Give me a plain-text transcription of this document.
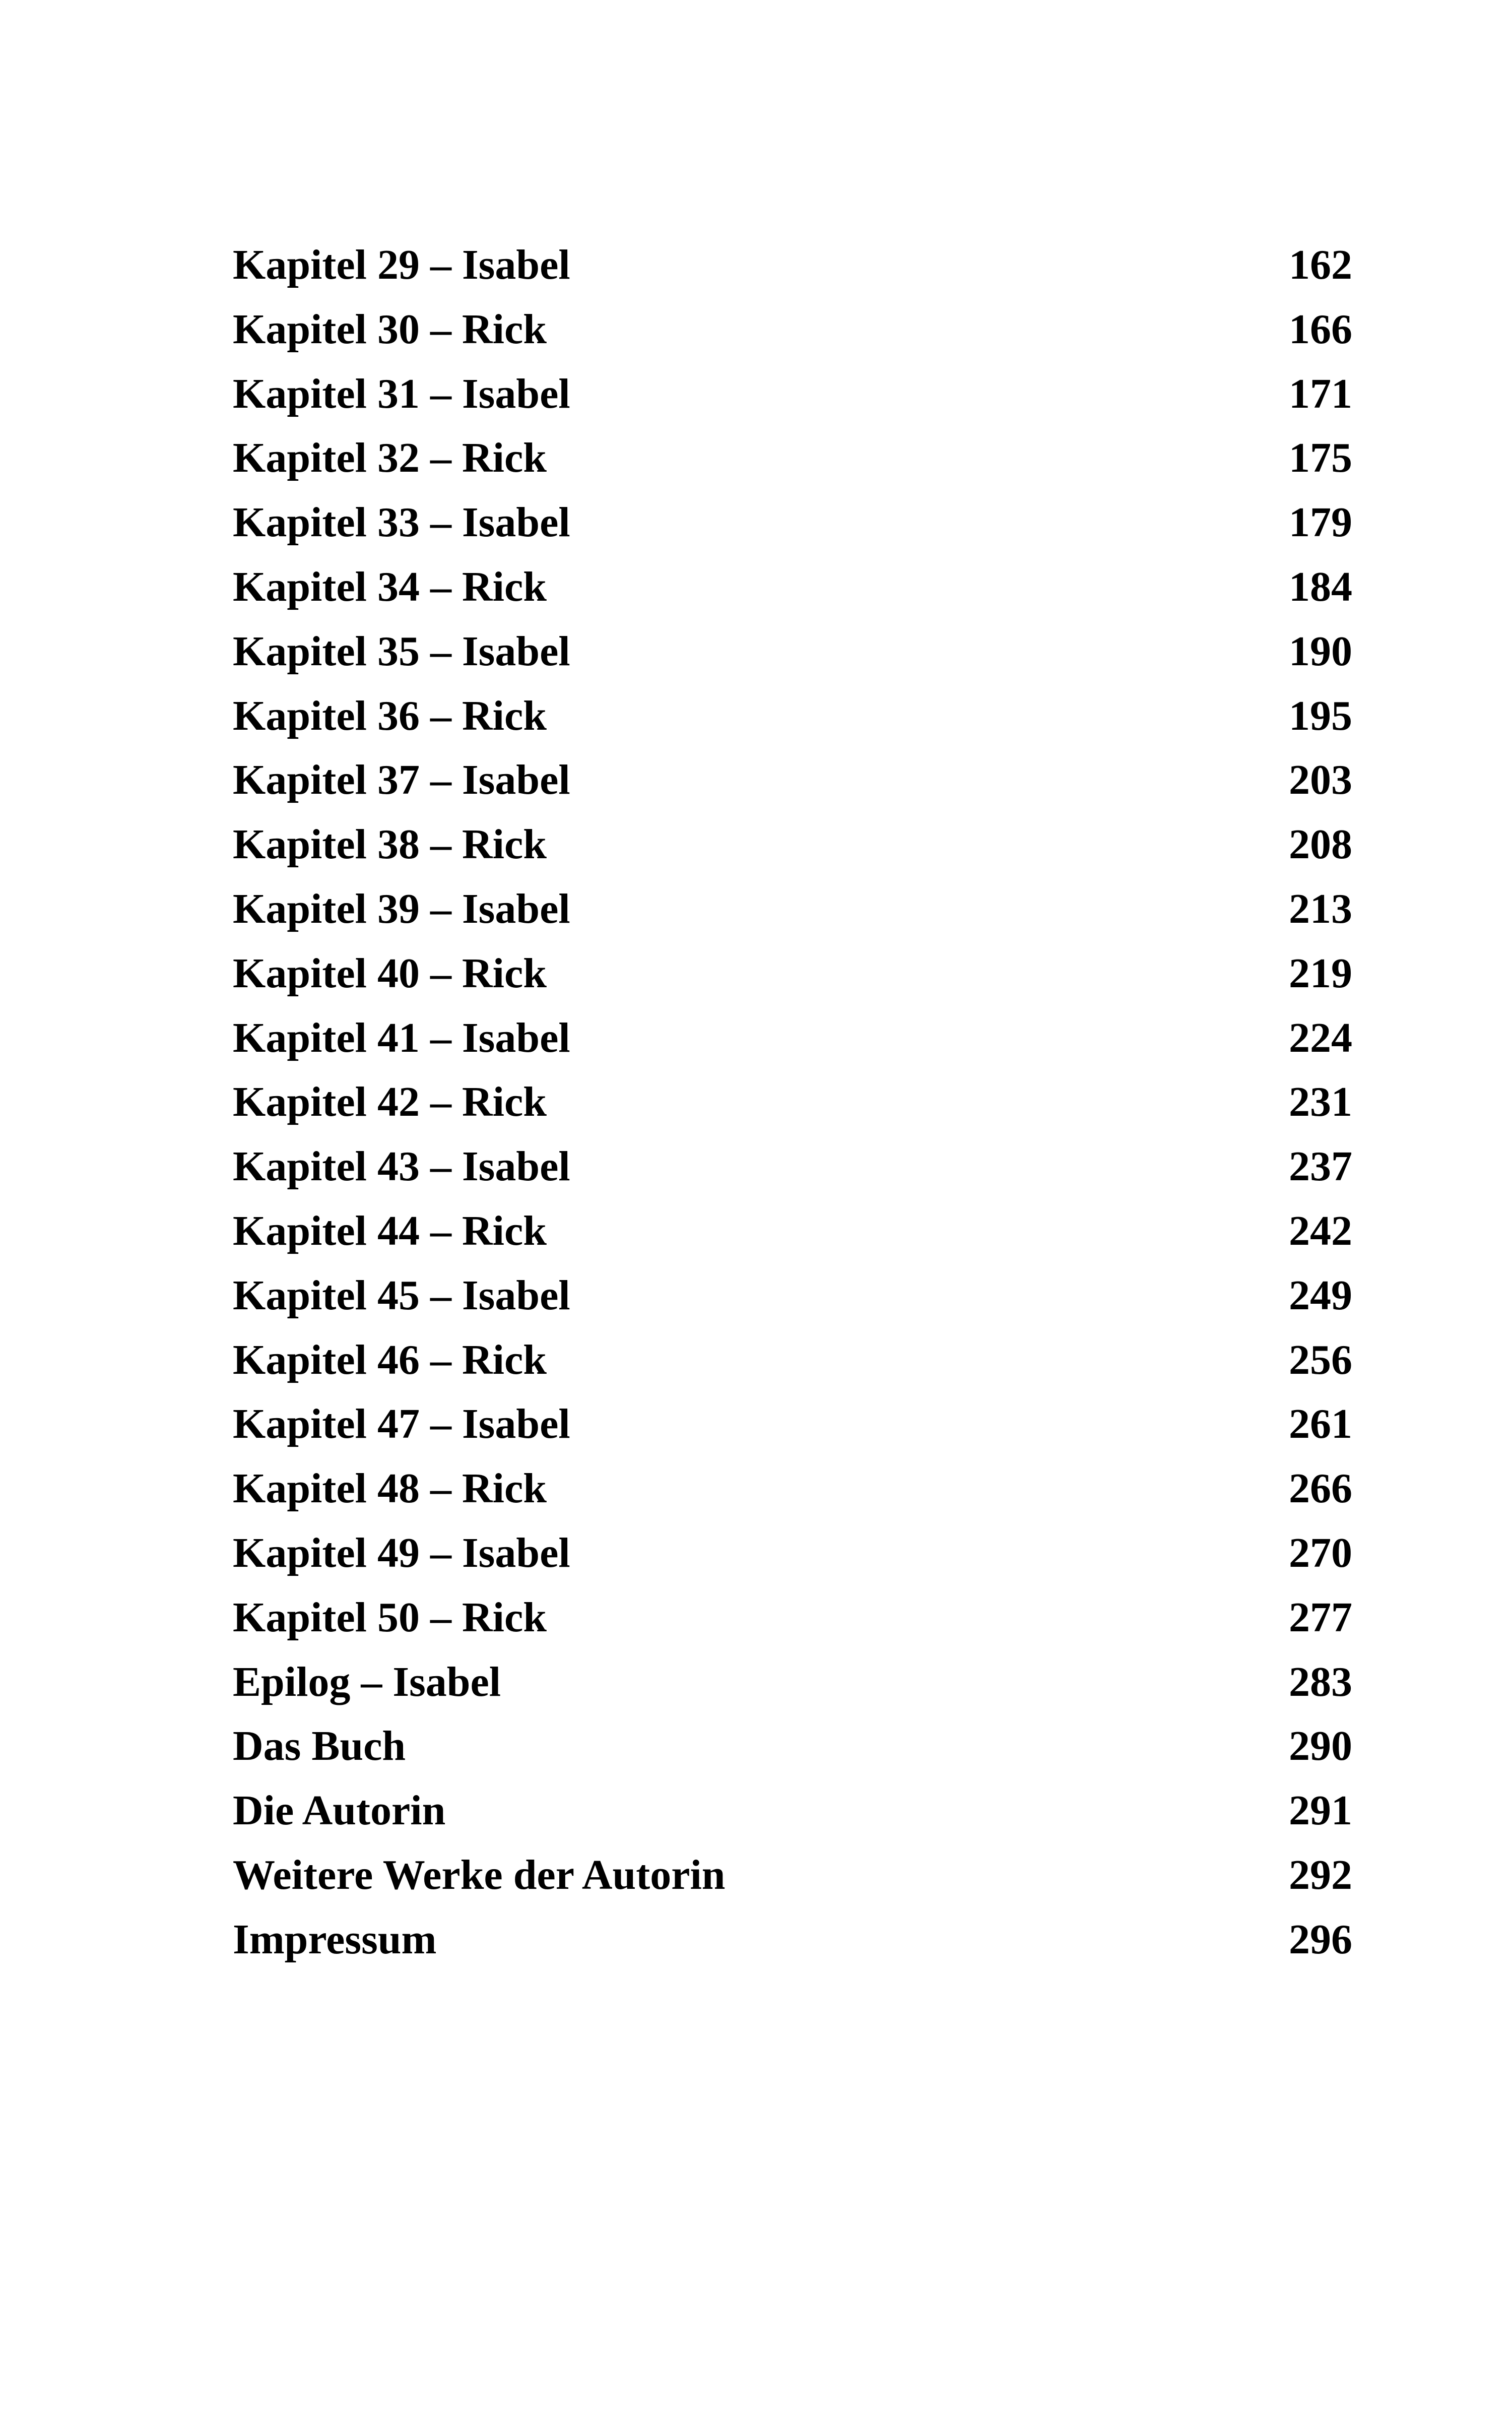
Kapitel 29 – Isabel	162
Kapitel 30 – Rick	166
Kapitel 31 – Isabel	171
Kapitel 32 – Rick	175
Kapitel 33 – Isabel	179
Kapitel 34 – Rick	184
Kapitel 35 – Isabel	190
Kapitel 36 – Rick	195
Kapitel 37 – Isabel	203
Kapitel 38 – Rick	208
Kapitel 39 – Isabel	213
Kapitel 40 – Rick	219
Kapitel 41 – Isabel	224
Kapitel 42 – Rick	231
Kapitel 43 – Isabel	237
Kapitel 44 – Rick	242
Kapitel 45 – Isabel	249
Kapitel 46 – Rick	256
Kapitel 47 – Isabel	261
Kapitel 48 – Rick	266
Kapitel 49 – Isabel	270
Kapitel 50 – Rick	277
Epilog – Isabel	283
Das Buch	290
Die Autorin	291
Weitere Werke der Autorin	292
Impressum	296
